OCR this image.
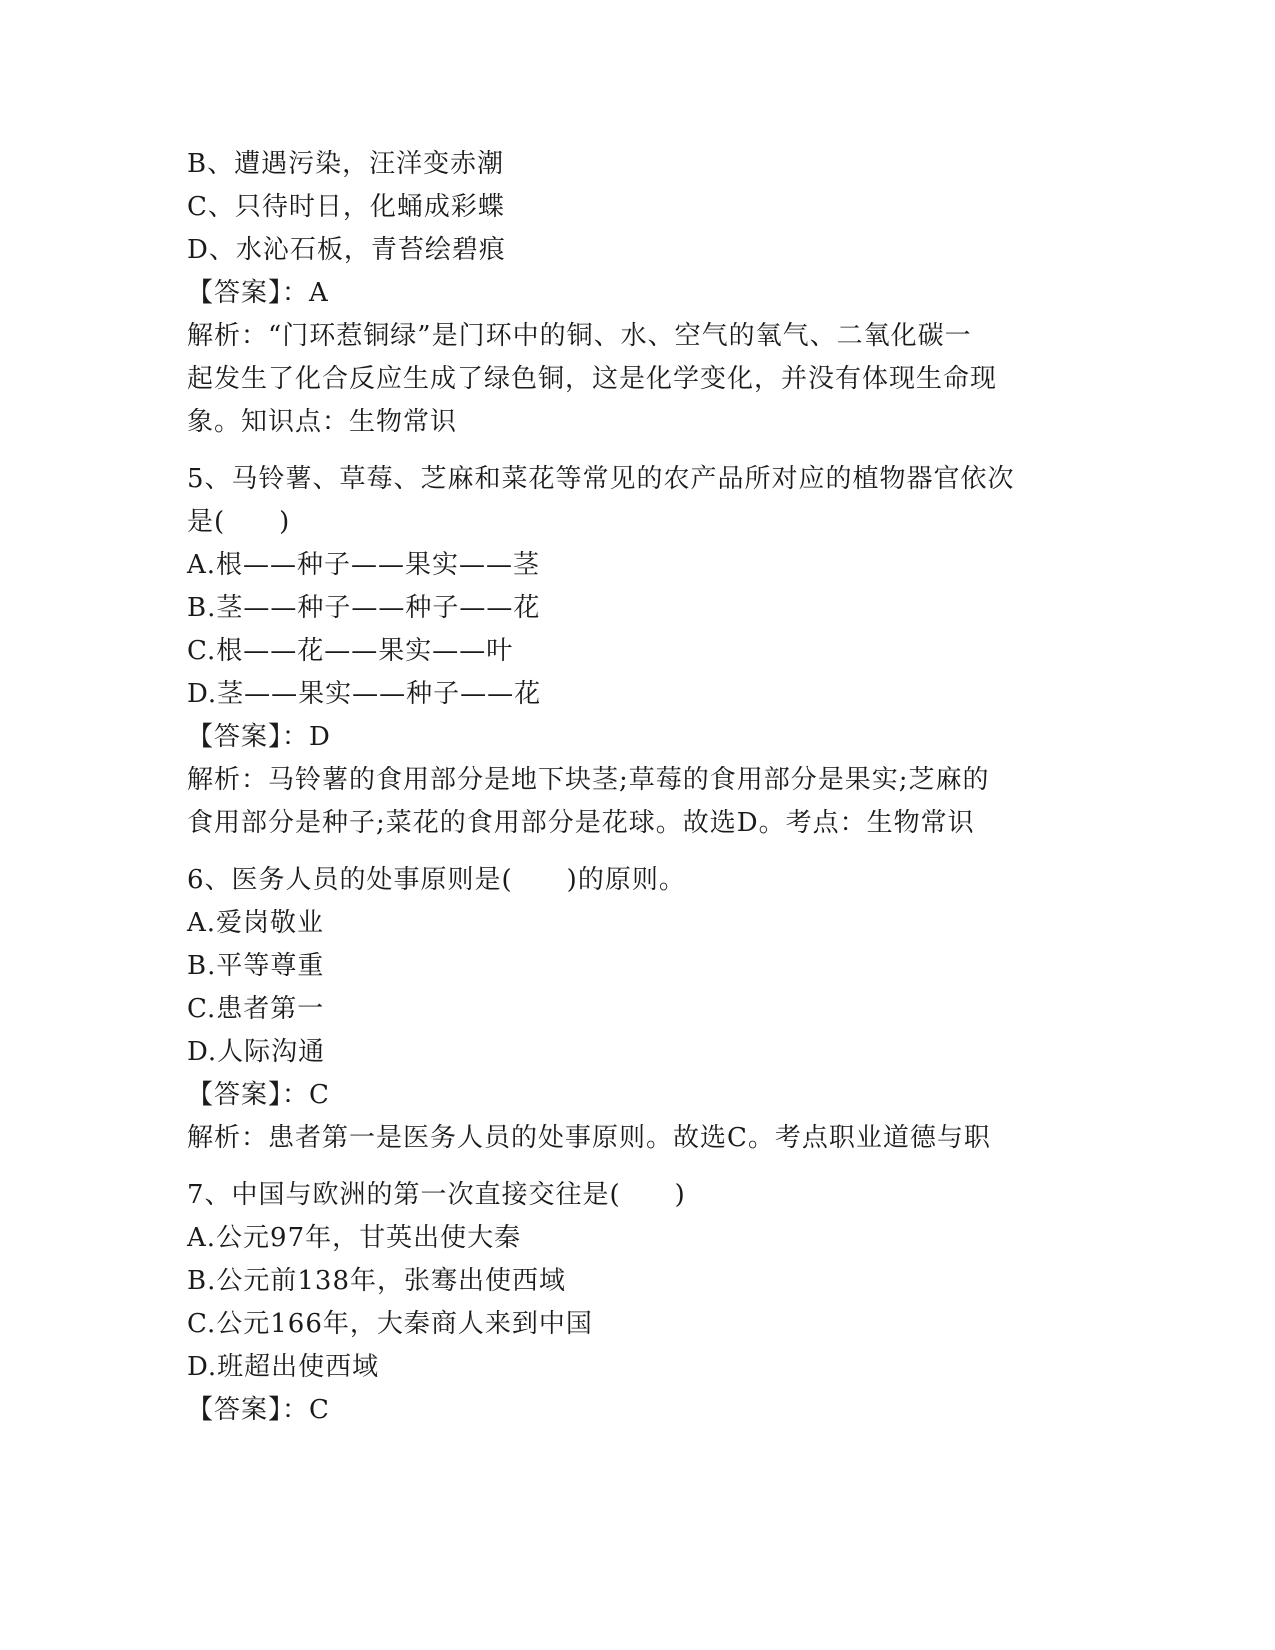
B、遭遇污染，汪洋变赤潮
C、只待时日，化蛹成彩蝶
D、水沁石板，青苔绘碧痕
【答案】：A
解析：“门环惹铜绿”是门环中的铜、水、空气的氧气、二氧化碳一
起发生了化合反应生成了绿色铜，这是化学变化，并没有体现生命现
象。知识点：生物常识
5、马铃薯、草莓、芝麻和菜花等常见的农产品所对应的植物器官依次
是(　　)
A.根——种子——果实——茎
B.茎——种子——种子——花
C.根——花——果实——叶
D.茎——果实——种子——花
【答案】：D
解析：马铃薯的食用部分是地下块茎;草莓的食用部分是果实;芝麻的
食用部分是种子;菜花的食用部分是花球。故选D。考点：生物常识
6、医务人员的处事原则是(　　)的原则。
A.爱岗敬业
B.平等尊重
C.患者第一
D.人际沟通
【答案】：C
解析：患者第一是医务人员的处事原则。故选C。考点职业道德与职
7、中国与欧洲的第一次直接交往是(　　)
A.公元97年，甘英出使大秦
B.公元前138年，张骞出使西域
C.公元166年，大秦商人来到中国
D.班超出使西域
【答案】：C
